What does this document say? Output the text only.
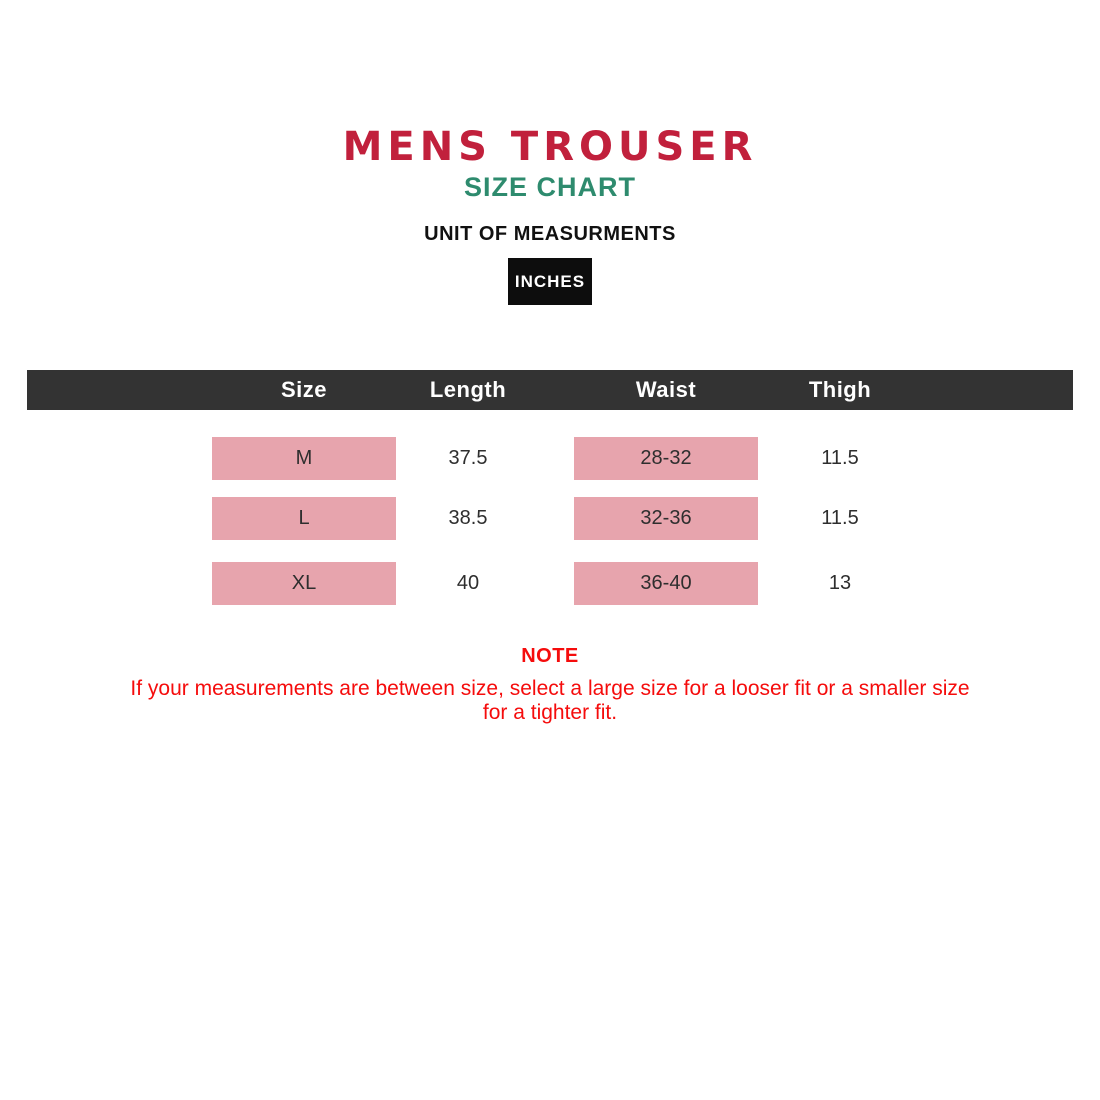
MENS TROUSER
SIZE CHART
UNIT OF MEASURMENTS
INCHES
Size	Length	Waist	Thigh
M	37.5	28-32	11.5
L	38.5	32-36	11.5
XL	40	36-40	13
NOTE
If your measurements are between size, select a large size for a looser fit or a smaller size
for a tighter fit.
